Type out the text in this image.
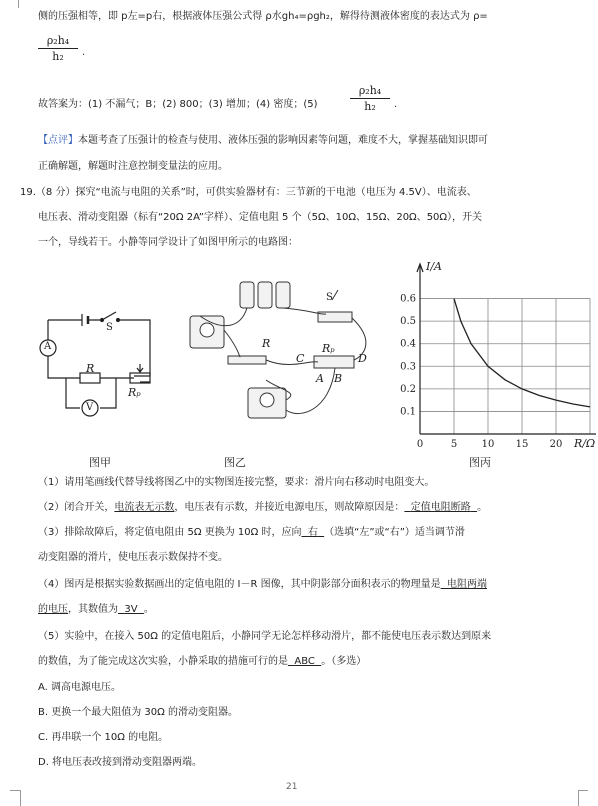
侧的压强相等，即 p左=p右，根据液体压强公式得 ρ水gh₄=ρgh₂，解得待测液体密度的表达式为 ρ=
ρ₂h₄
h₂	.
故答案为：(1) 不漏气；B；(2) 800；(3) 增加；(4) 密度；(5)
ρ₂h₄
h₂	.
【点评】本题考查了压强计的检查与使用、液体压强的影响因素等问题，难度不大，掌握基础知识即可
正确解题，解题时注意控制变量法的应用。
19.（8 分）探究“电流与电阻的关系”时，可供实验器材有：三节新的干电池（电压为 4.5V）、电流表、
电压表、滑动变阻器（标有“20Ω 2A”字样）、定值电阻 5 个（5Ω、10Ω、15Ω、20Ω、50Ω），开关
一个，导线若干。小静等同学设计了如图甲所示的电路图：
A
S
R
Rₚ
V
图甲
S
R	Rₚ
C	D
A B
图乙
0.1
0.2
0.3
0.4
0.5
0.6
0	5 10 15 20
I/A
R/Ω
图丙
（1）请用笔画线代替导线将图乙中的实物图连接完整，要求：滑片向右移动时电阻变大。
（2）闭合开关，电流表无示数，电压表有示数，并接近电源电压，则故障原因是： 定值电阻断路 。
（3）排除故障后，将定值电阻由 5Ω 更换为 10Ω 时，应向 右 （选填“左”或“右”）适当调节滑
动变阻器的滑片，使电压表示数保持不变。
（4）图丙是根据实验数据画出的定值电阻的 I－R 图像，其中阴影部分面积表示的物理量是 电阻两端
的电压，其数值为 3V 。
（5）实验中，在接入 50Ω 的定值电阻后，小静同学无论怎样移动滑片，都不能使电压表示数达到原来
的数值，为了能完成这次实验，小静采取的措施可行的是 ABC 。（多选）
A. 调高电源电压。
B. 更换一个最大阻值为 30Ω 的滑动变阻器。
C. 再串联一个 10Ω 的电阻。
D. 将电压表改接到滑动变阻器两端。
21
